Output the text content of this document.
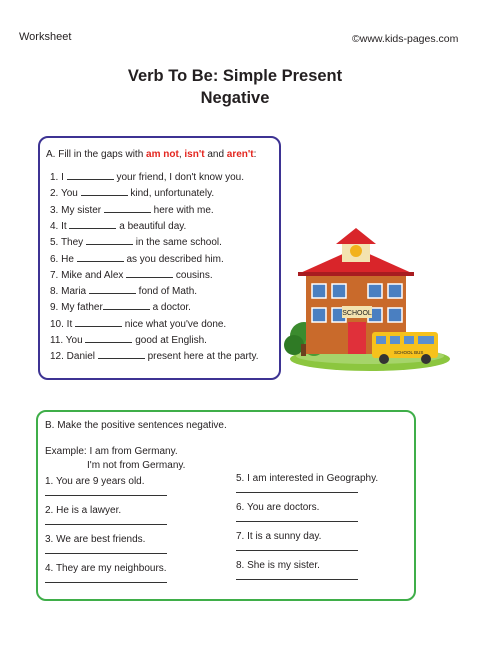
Worksheet	©www.kids-pages.com
Verb To Be: Simple Present
Negative
A. Fill in the gaps with am not, isn't and aren't:
1. I	your friend, I don't know you.
2. You	kind, unfortunately.
3. My sister	here with me.
4. It	a beautiful day.
5. They	in the same school.
6. He	as you described him.
7. Mike and Alex	cousins.
8. Maria	fond of Math.
9. My father	a doctor.
10. It	nice what you've done.
11. You	good at English.
12. Daniel	present here at the party.
SCHOOL
SCHOOL BUS
B. Make the positive sentences negative.
Example: I am from Germany.
I'm not from Germany.
1. You are 9 years old.
2. He is a lawyer.
3. We are best friends.
4. They are my neighbours.
5. I am interested in Geography.
6. You are doctors.
7. It is a sunny day.
8. She is my sister.
